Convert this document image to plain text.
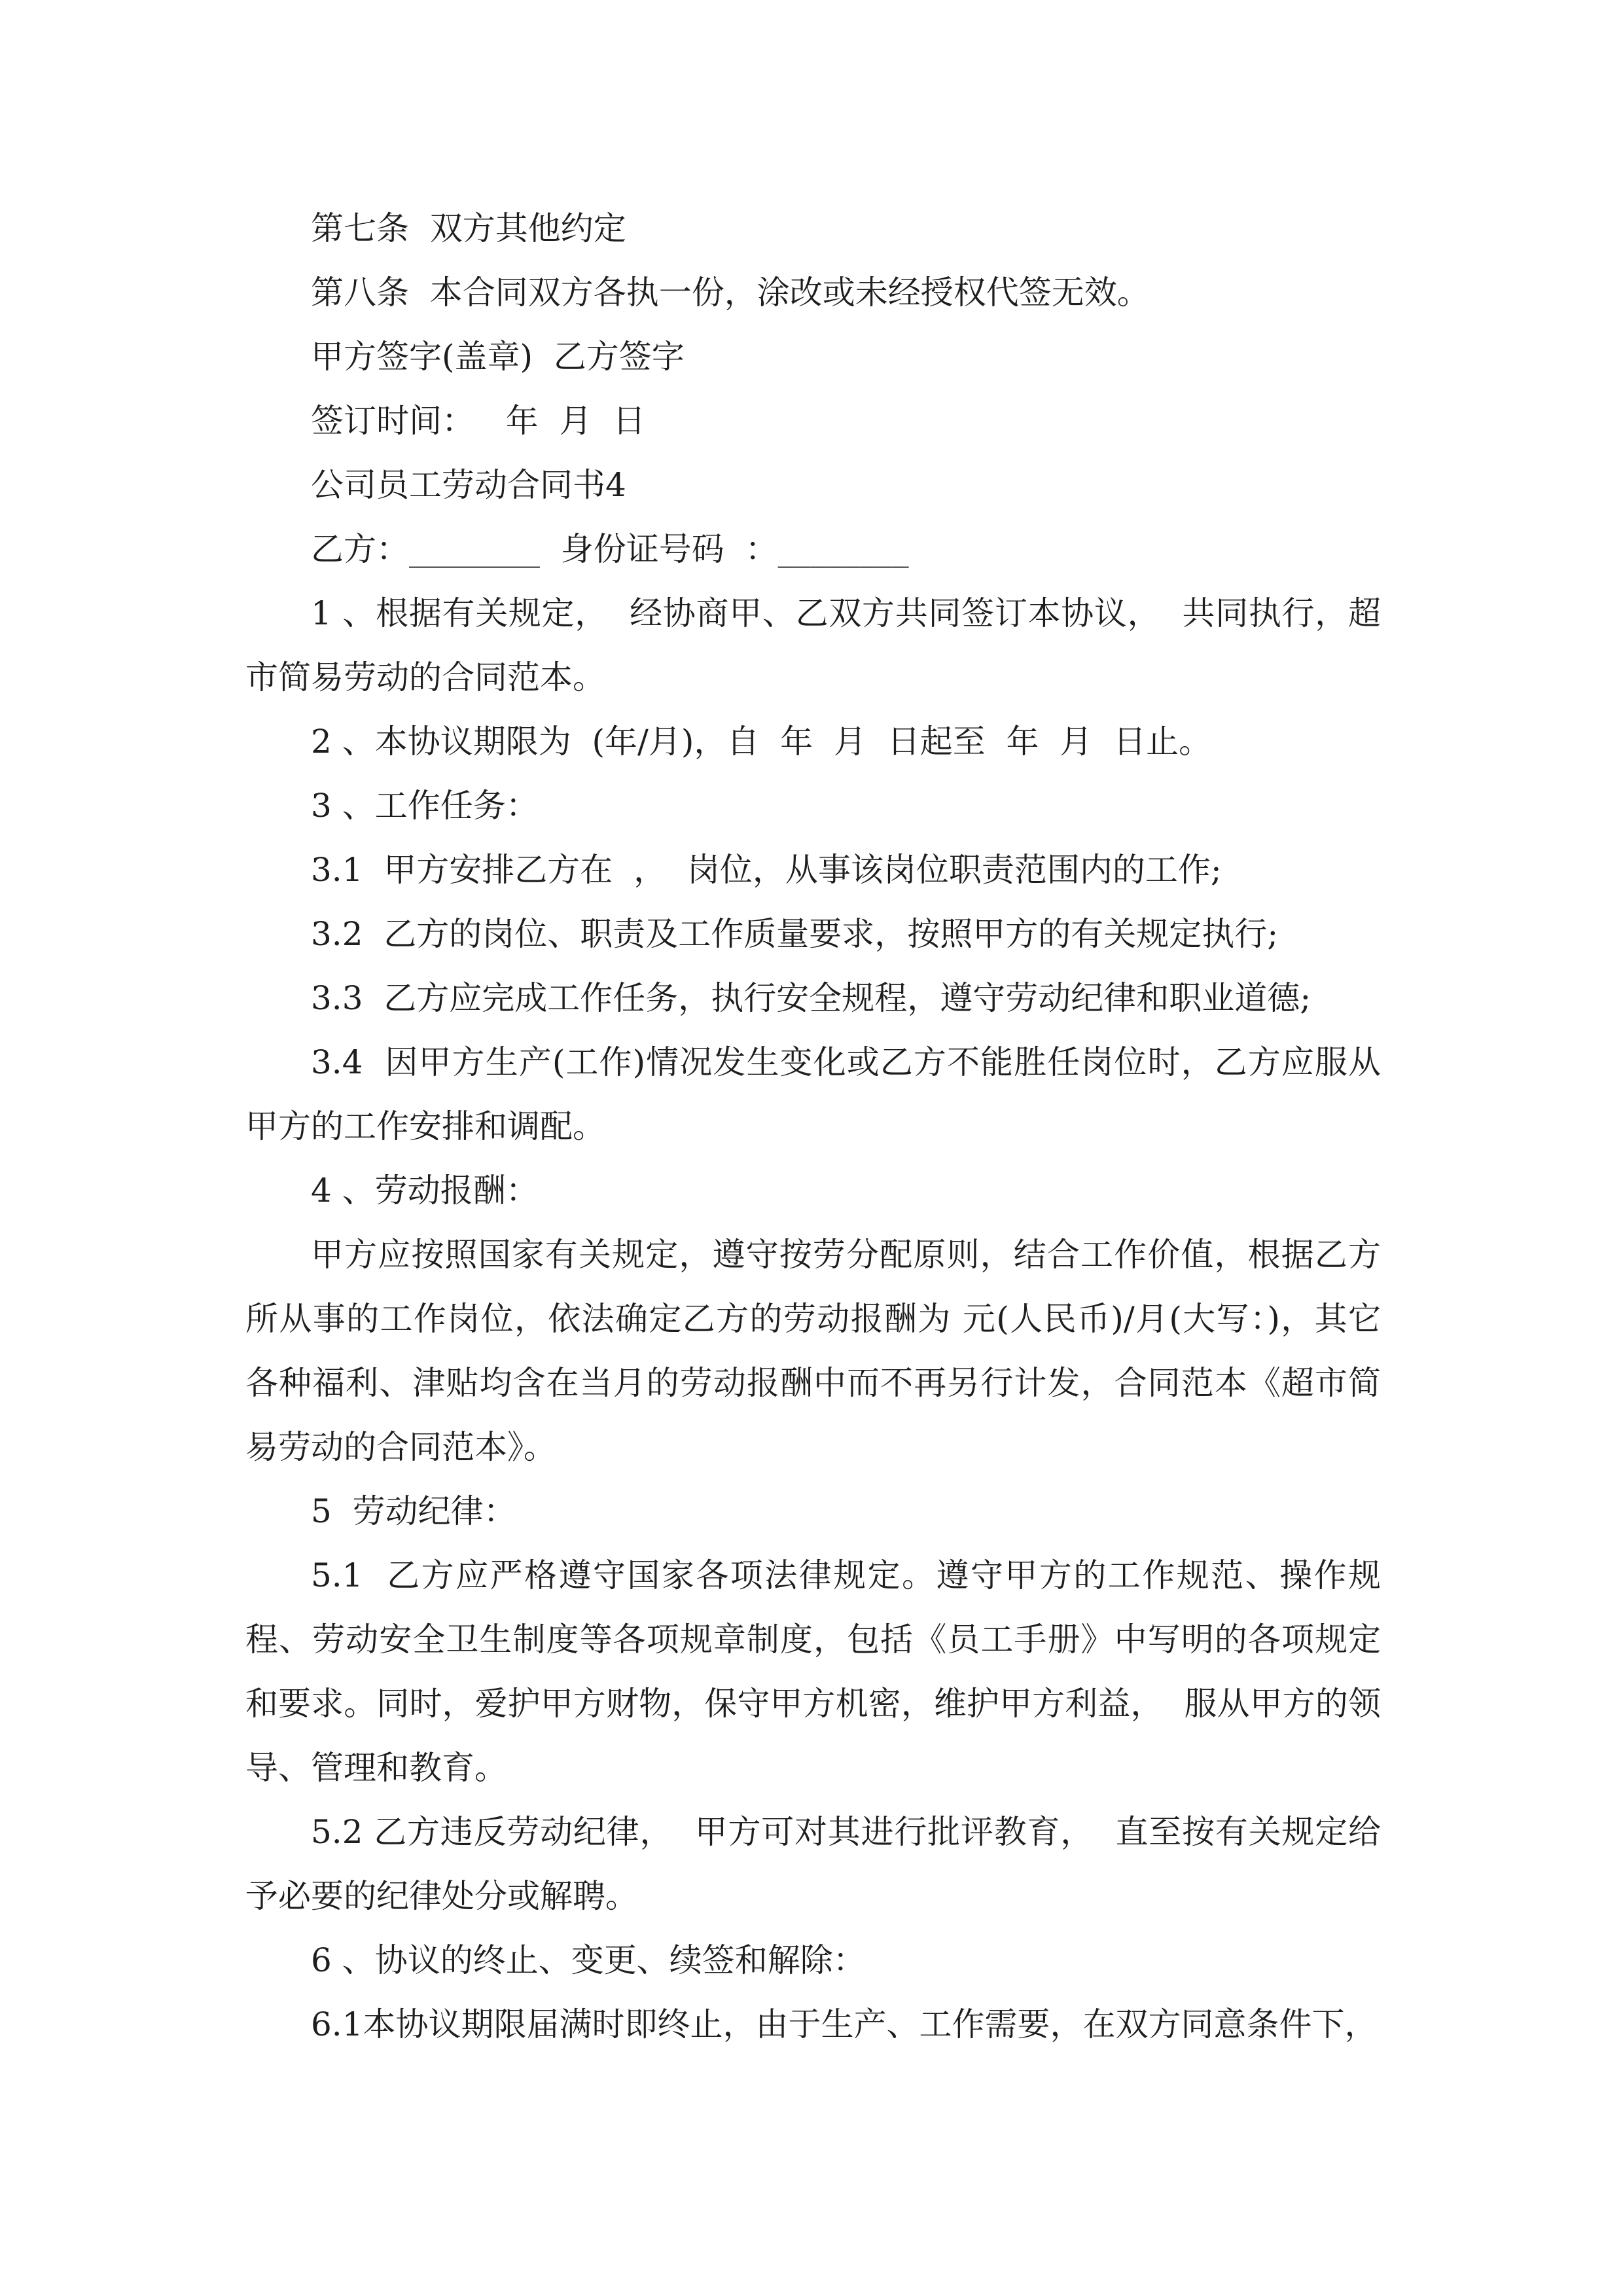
第七条  双方其他约定

第八条  本合同双方各执一份，涂改或未经授权代签无效。

甲方签字(盖章)  乙方签字

签订时间：   年  月  日

公司员工劳动合同书4

乙方：________  身份证号码  ：________

1 、根据有关规定，  经协商甲、乙双方共同签订本协议，  共同执行，超市简易劳动的合同范本。

2 、本协议期限为  (年/月)，自  年  月  日起至  年  月  日止。

3 、工作任务：

3.1  甲方安排乙方在  ，  岗位，从事该岗位职责范围内的工作;

3.2  乙方的岗位、职责及工作质量要求，按照甲方的有关规定执行;

3.3  乙方应完成工作任务，执行安全规程，遵守劳动纪律和职业道德;

3.4  因甲方生产(工作)情况发生变化或乙方不能胜任岗位时，乙方应服从甲方的工作安排和调配。

4 、劳动报酬：

甲方应按照国家有关规定，遵守按劳分配原则，结合工作价值，根据乙方所从事的工作岗位，依法确定乙方的劳动报酬为 元(人民币)/月(大写：)，其它各种福利、津贴均含在当月的劳动报酬中而不再另行计发，合同范本《超市简易劳动的合同范本》。

5  劳动纪律：

5.1  乙方应严格遵守国家各项法律规定。遵守甲方的工作规范、操作规程、劳动安全卫生制度等各项规章制度，包括《员工手册》中写明的各项规定和要求。同时，爱护甲方财物，保守甲方机密，维护甲方利益，  服从甲方的领导、管理和教育。

5.2 乙方违反劳动纪律，  甲方可对其进行批评教育，  直至按有关规定给予必要的纪律处分或解聘。

6 、协议的终止、变更、续签和解除：

6.1本协议期限届满时即终止，由于生产、工作需要，在双方同意条件下，
